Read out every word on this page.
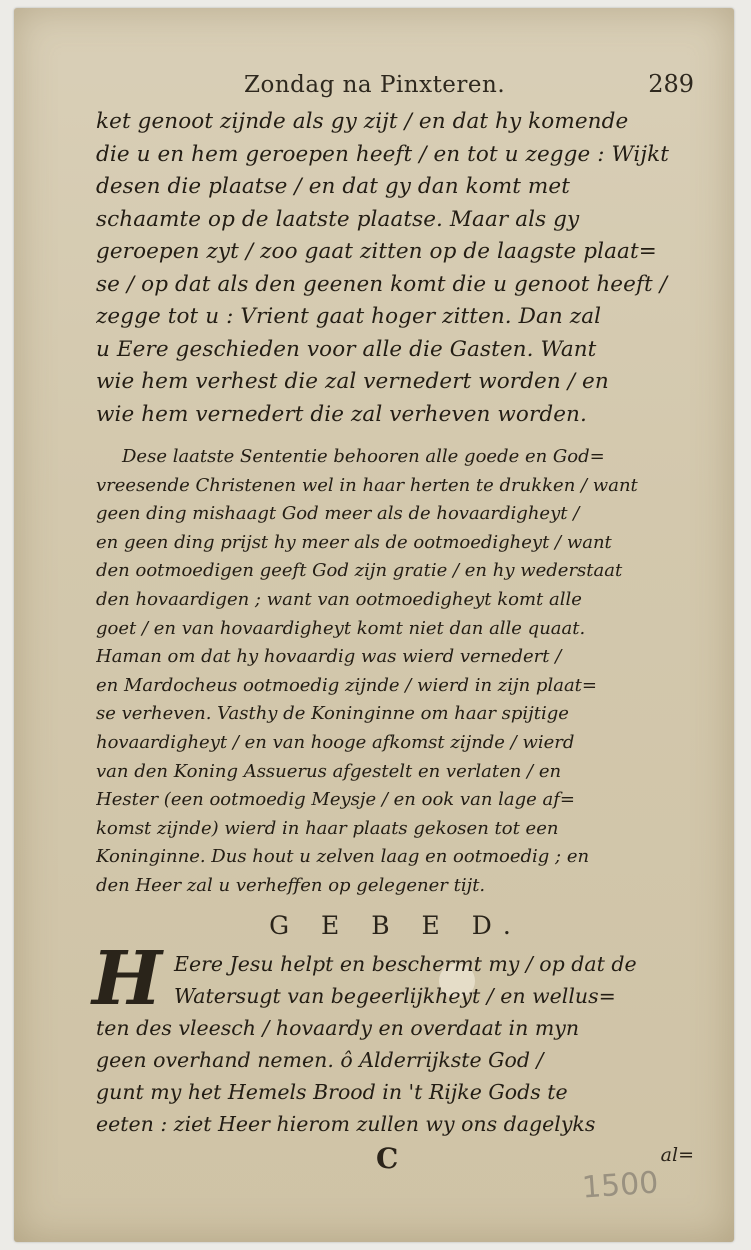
Zondag na Pinxteren.	289
ket genoot zijnde als gy zijt / en dat hy komende
die u en hem geroepen heeft / en tot u zegge : Wijkt
desen die plaatse / en dat gy dan komt met
schaamte op de laatste plaatse. Maar als gy
geroepen zyt / zoo gaat zitten op de laagste plaat=
se / op dat als den geenen komt die u genoot heeft /
zegge tot u : Vrient gaat hoger zitten. Dan zal
u Eere geschieden voor alle die Gasten. Want
wie hem verhest die zal vernedert worden / en
wie hem vernedert die zal verheven worden.
Dese laatste Sententie behooren alle goede en God=
vreesende Christenen wel in haar herten te drukken / want
geen ding mishaagt God meer als de hovaardigheyt /
en geen ding prijst hy meer als de ootmoedigheyt / want
den ootmoedigen geeft God zijn gratie / en hy wederstaat
den hovaardigen ; want van ootmoedigheyt komt alle
goet / en van hovaardigheyt komt niet dan alle quaat.
Haman om dat hy hovaardig was wierd vernedert /
en Mardocheus ootmoedig zijnde / wierd in zijn plaat=
se verheven. Vasthy de Koninginne om haar spijtige
hovaardigheyt / en van hooge afkomst zijnde / wierd
van den Koning Assuerus afgestelt en verlaten / en
Hester (een ootmoedig Meysje / en ook van lage af=
komst zijnde) wierd in haar plaats gekosen tot een
Koninginne. Dus hout u zelven laag en ootmoedig ; en
den Heer zal u verheffen op gelegener tijt.
G E B E D.
H Eere Jesu helpt en beschermt my / op dat de
Watersugt van begeerlijkheyt / en wellus=
ten des vleesch / hovaardy en overdaat in myn
geen overhand nemen. ô Alderrijkste God /
gunt my het Hemels Brood in 't Rijke Gods te
eeten : ziet Heer hierom zullen wy ons dagelyks
C	al=
1500
